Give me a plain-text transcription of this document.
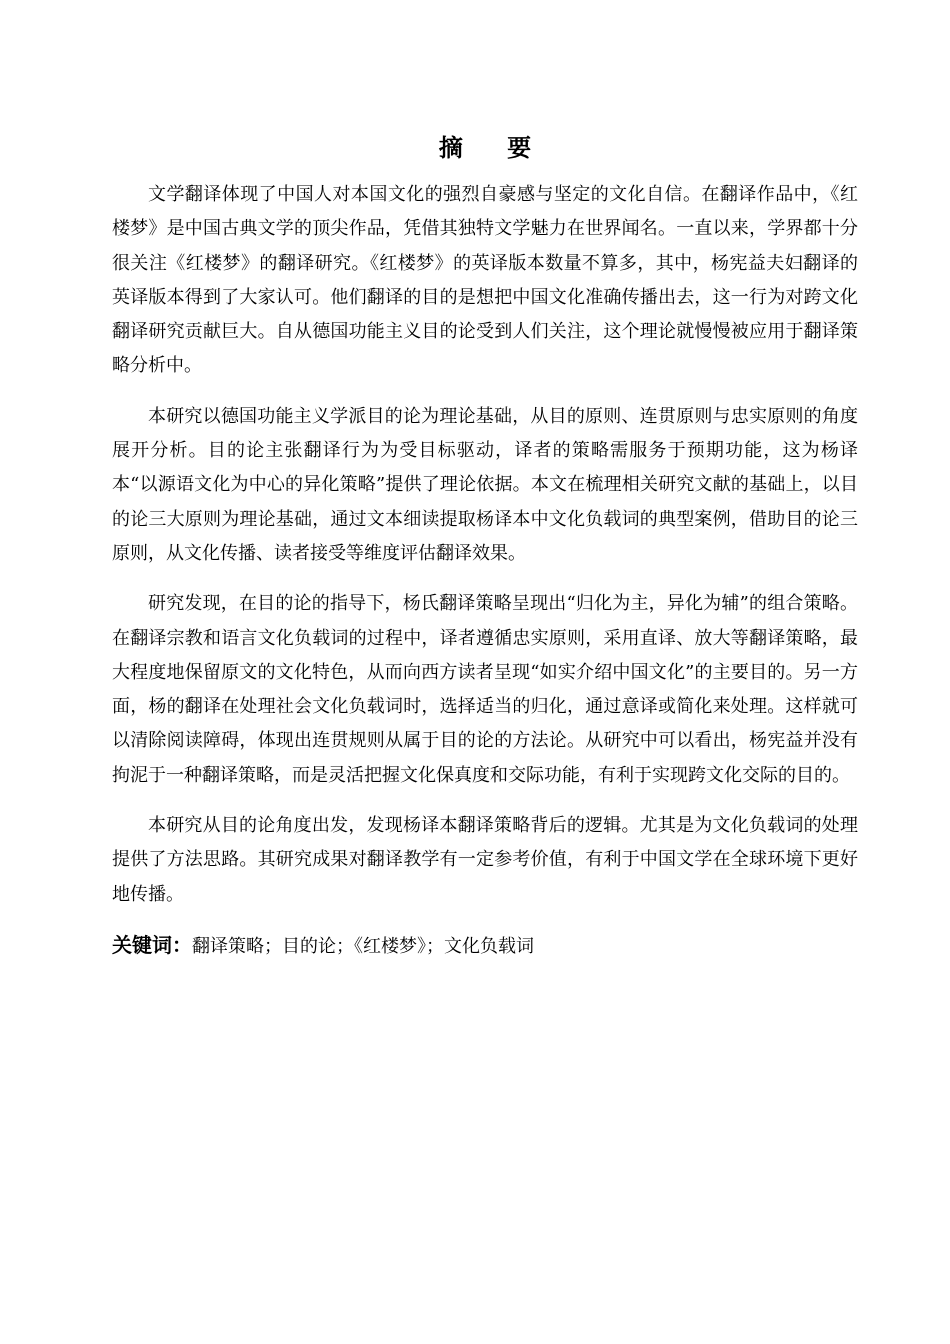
摘 要

文学翻译体现了中国人对本国文化的强烈自豪感与坚定的文化自信。在翻译作品中，《红楼梦》是中国古典文学的顶尖作品，凭借其独特文学魅力在世界闻名。一直以来，学界都十分很关注《红楼梦》的翻译研究。《红楼梦》的英译版本数量不算多，其中，杨宪益夫妇翻译的英译版本得到了大家认可。他们翻译的目的是想把中国文化准确传播出去，这一行为对跨文化翻译研究贡献巨大。自从德国功能主义目的论受到人们关注，这个理论就慢慢被应用于翻译策略分析中。

本研究以德国功能主义学派目的论为理论基础，从目的原则、连贯原则与忠实原则的角度展开分析。目的论主张翻译行为为受目标驱动，译者的策略需服务于预期功能，这为杨译本“以源语文化为中心的异化策略”提供了理论依据。本文在梳理相关研究文献的基础上，以目的论三大原则为理论基础，通过文本细读提取杨译本中文化负载词的典型案例，借助目的论三原则，从文化传播、读者接受等维度评估翻译效果。

研究发现，在目的论的指导下，杨氏翻译策略呈现出“归化为主，异化为辅”的组合策略。在翻译宗教和语言文化负载词的过程中，译者遵循忠实原则，采用直译、放大等翻译策略，最大程度地保留原文的文化特色，从而向西方读者呈现“如实介绍中国文化”的主要目的。另一方面，杨的翻译在处理社会文化负载词时，选择适当的归化，通过意译或简化来处理。这样就可以清除阅读障碍，体现出连贯规则从属于目的论的方法论。从研究中可以看出，杨宪益并没有拘泥于一种翻译策略，而是灵活把握文化保真度和交际功能，有利于实现跨文化交际的目的。

本研究从目的论角度出发，发现杨译本翻译策略背后的逻辑。尤其是为文化负载词的处理提供了方法思路。其研究成果对翻译教学有一定参考价值，有利于中国文学在全球环境下更好地传播。

关键词：翻译策略；目的论；《红楼梦》；文化负载词
